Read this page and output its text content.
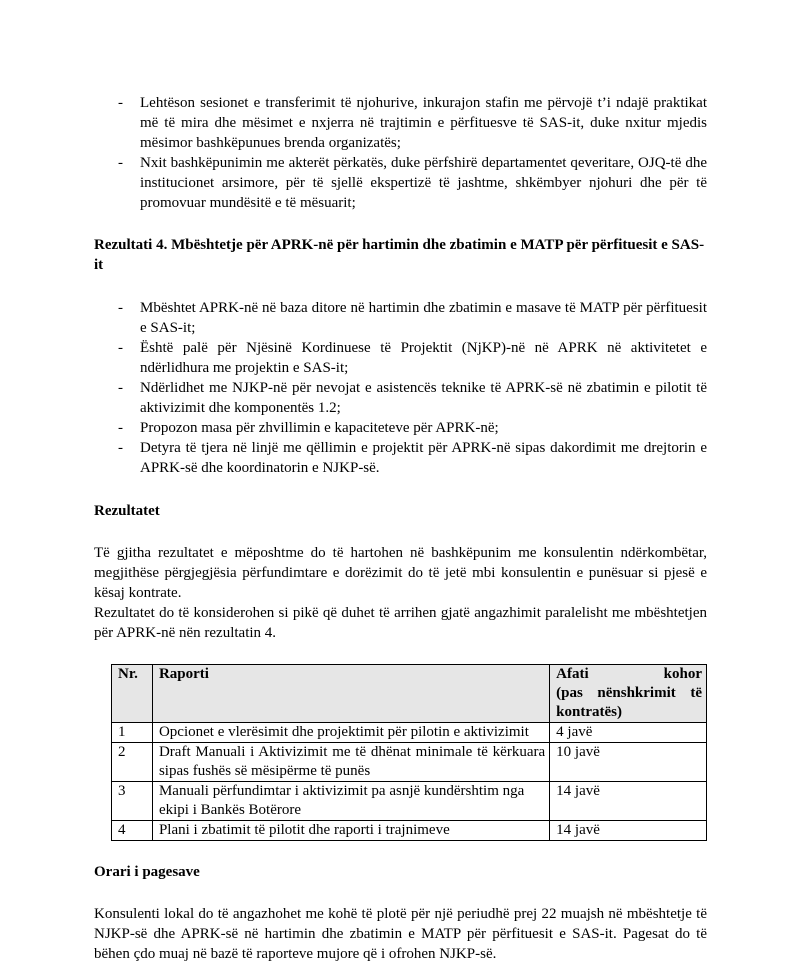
- Lehtëson sesionet e transferimit të njohurive, inkurajon stafin me përvojë t’i ndajë praktikat më të mira dhe mësimet e nxjerra në trajtimin e përfituesve të SAS-it, duke nxitur mjedis mësimor bashkëpunues brenda organizatës;
- Nxit bashkëpunimin me akterët përkatës, duke përfshirë departamentet qeveritare, OJQ-të dhe institucionet arsimore, për të sjellë ekspertizë të jashtme, shkëmbyer njohuri dhe për të promovuar mundësitë e të mësuarit;

Rezultati 4. Mbështetje për APRK-në për hartimin dhe zbatimin e MATP për përfituesit e SAS-it

- Mbështet APRK-në në baza ditore në hartimin dhe zbatimin e masave të MATP për përfituesit e SAS-it;
- Është palë për Njësinë Kordinuese të Projektit (NjKP)-në në APRK në aktivitetet e ndërlidhura me projektin e SAS-it;
- Ndërlidhet me NJKP-në për nevojat e asistencës teknike të APRK-së në zbatimin e pilotit të aktivizimit dhe komponentës 1.2;
- Propozon masa për zhvillimin e kapaciteteve për APRK-në;
- Detyra të tjera në linjë me qëllimin e projektit për APRK-në sipas dakordimit me drejtorin e APRK-së dhe koordinatorin e NJKP-së.

Rezultatet

Të gjitha rezultatet e mëposhtme do të hartohen në bashkëpunim me konsulentin ndërkombëtar, megjithëse përgjegjësia përfundimtare e dorëzimit do të jetë mbi konsulentin e punësuar si pjesë e kësaj kontrate.

Rezultatet do të konsiderohen si pikë që duhet të arrihen gjatë angazhimit paralelisht me mbështetjen për APRK-në nën rezultatin 4.

Nr.	Raporti	Afati kohor
(pas nënshkrimit të
kontratës)

1	Opcionet e vlerësimit dhe projektimit për pilotin e aktivizimit	4 javë
2	Draft Manuali i Aktivizimit me të dhënat minimale të kërkuara sipas fushës së mësipërme të punës	10 javë
3	Manuali përfundimtar i aktivizimit pa asnjë kundërshtim nga ekipi i Bankës Botërore	14 javë
4	Plani i zbatimit të pilotit dhe raporti i trajnimeve	14 javë

Orari i pagesave

Konsulenti lokal do të angazhohet me kohë të plotë për një periudhë prej 22 muajsh në mbështetje të NJKP-së dhe APRK-së në hartimin dhe zbatimin e MATP për përfituesit e SAS-it. Pagesat do të bëhen çdo muaj në bazë të raporteve mujore që i ofrohen NJKP-së.
